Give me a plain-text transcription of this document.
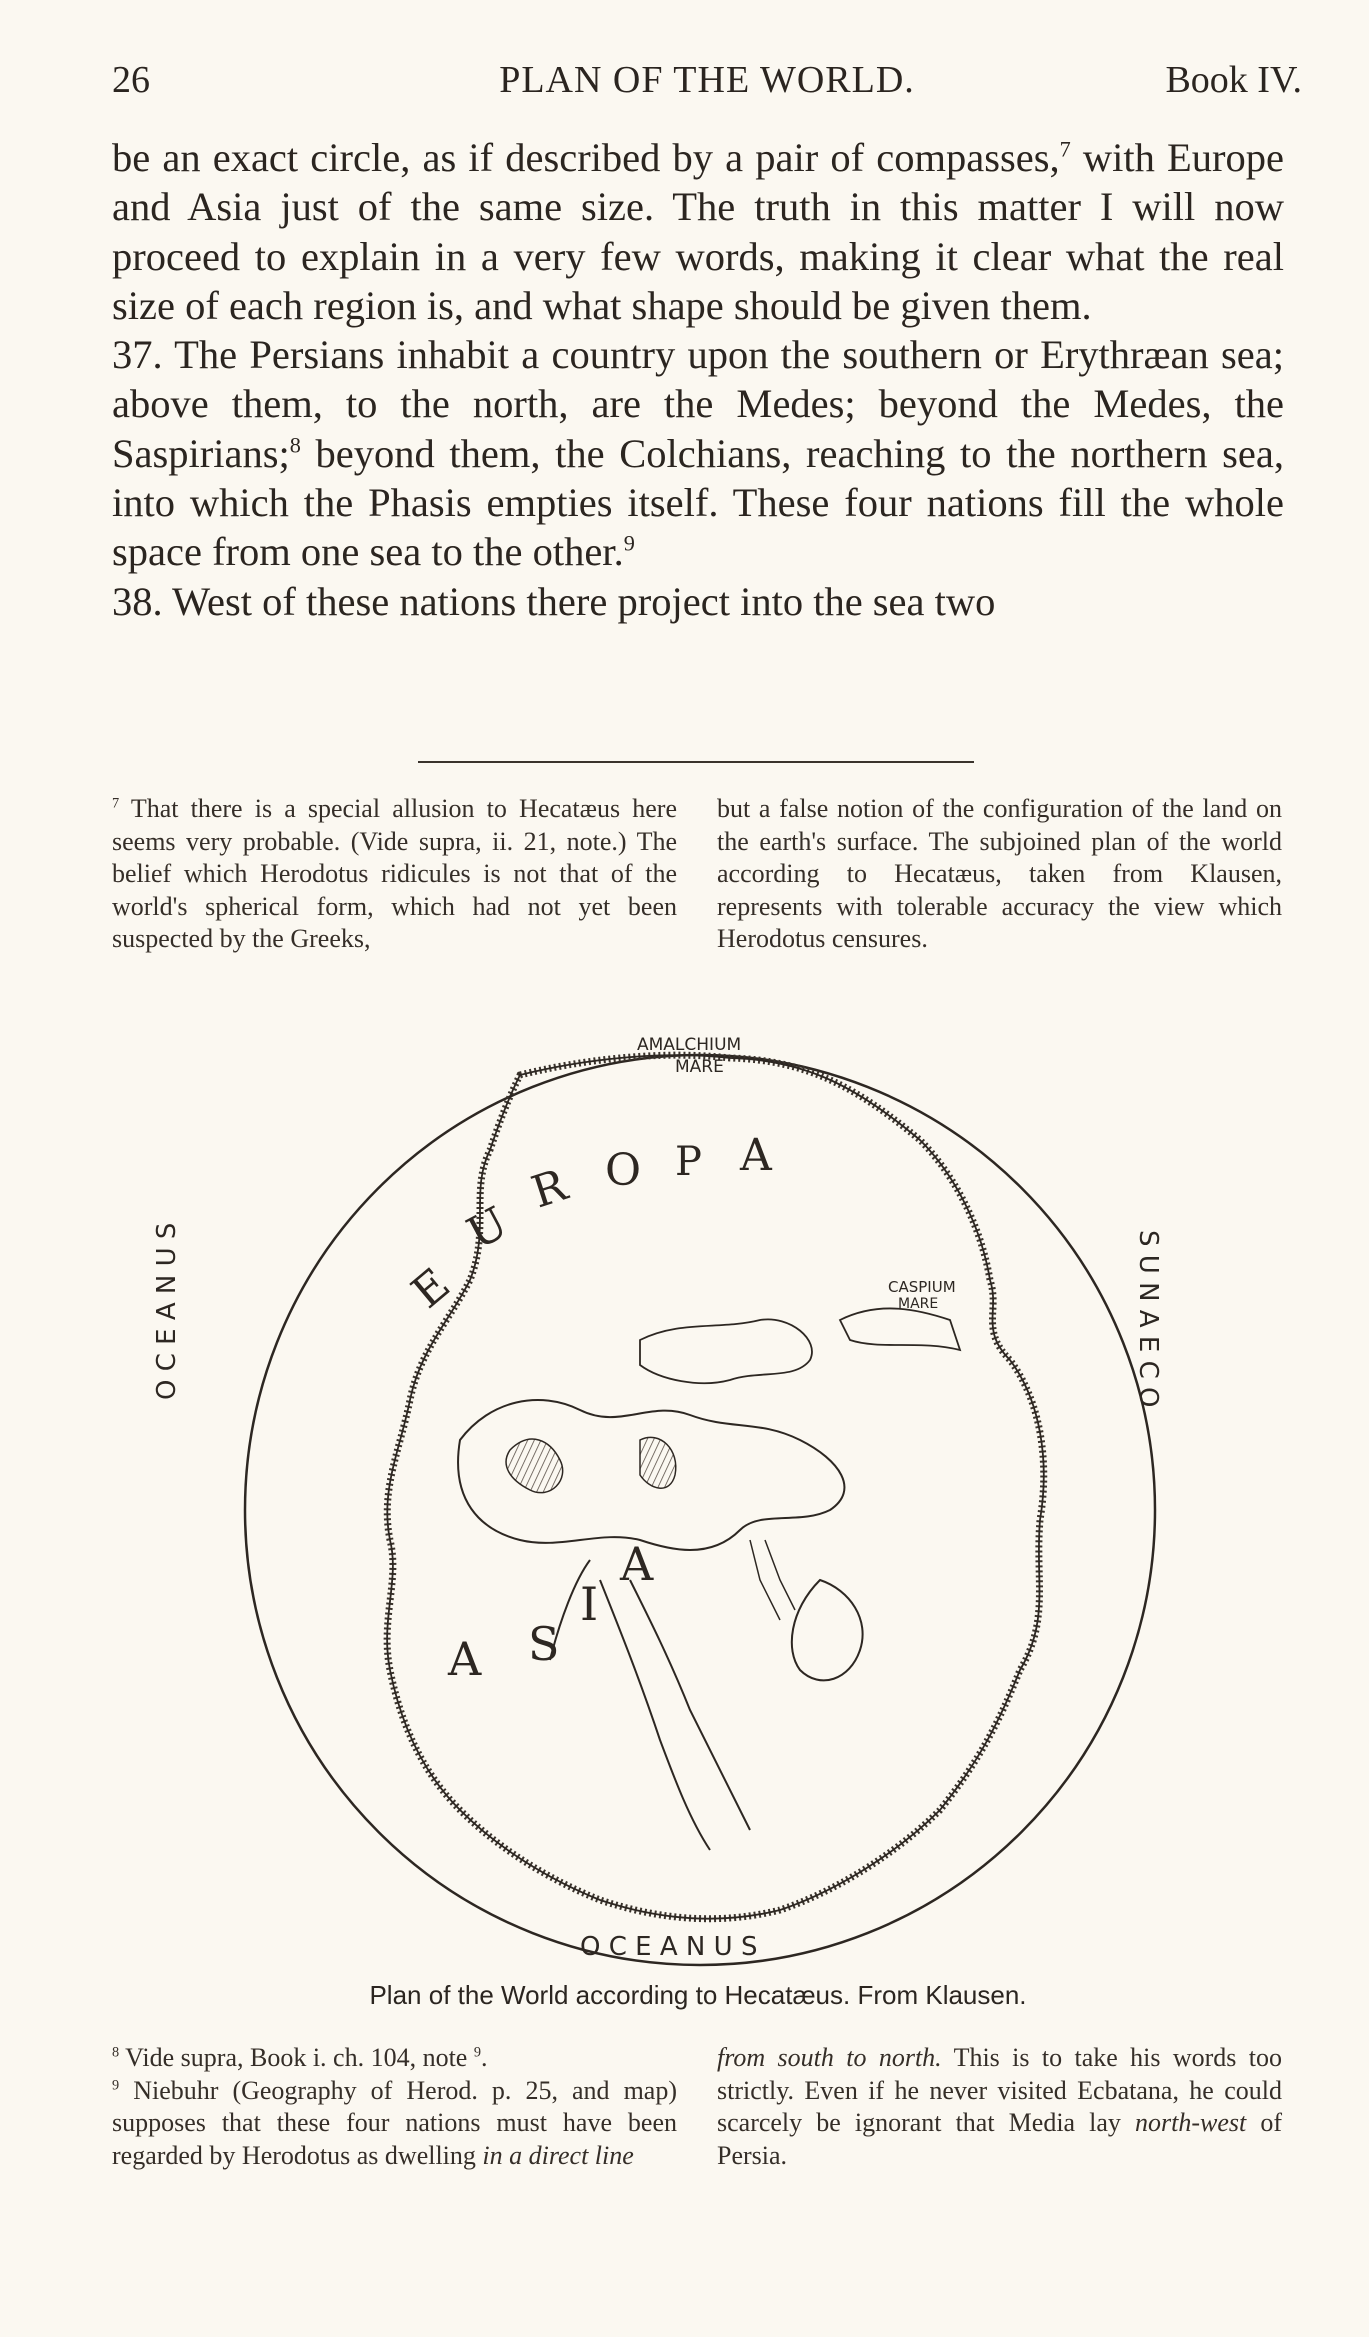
26	PLAN OF THE WORLD.	Book IV.

be an exact circle, as if described by a pair of compasses,$^7$ with Europe and Asia just of the same size. The truth in this matter I will now proceed to explain in a very few words, making it clear what the real size of each region is, and what shape should be given them.

37. The Persians inhabit a country upon the southern or Erythræan sea; above them, to the north, are the Medes; beyond the Medes, the Saspirians;$^8$ beyond them, the Colchians, reaching to the northern sea, into which the Phasis empties itself. These four nations fill the whole space from one sea to the other.$^9$

38. West of these nations there project into the sea two

$^7$ That there is a special allusion to Hecatæus here seems very probable. (Vide supra, ii. 21, note.) The belief which Herodotus ridicules is not that of the world's spherical form, which had not yet been suspected by the Greeks,

but a false notion of the configuration of the land on the earth's surface. The subjoined plan of the world according to Hecatæus, taken from Klausen, represents with tolerable accuracy the view which Herodotus censures.

E
U
R O P A
A S
I
A
O C E A N U S	S U N A E C O
O C E A N U S
AMALCHIUM
MARE
CASPIUM
MARE
Plan of the World according to Hecatæus. From Klausen.

$^8$ Vide supra, Book i. ch. 104, note $^9$.

$^9$ Niebuhr (Geography of Herod. p. 25, and map) supposes that these four nations must have been regarded by Herodotus as dwelling in a direct line

from south to north. This is to take his words too strictly. Even if he never visited Ecbatana, he could scarcely be ignorant that Media lay north-west of Persia.
